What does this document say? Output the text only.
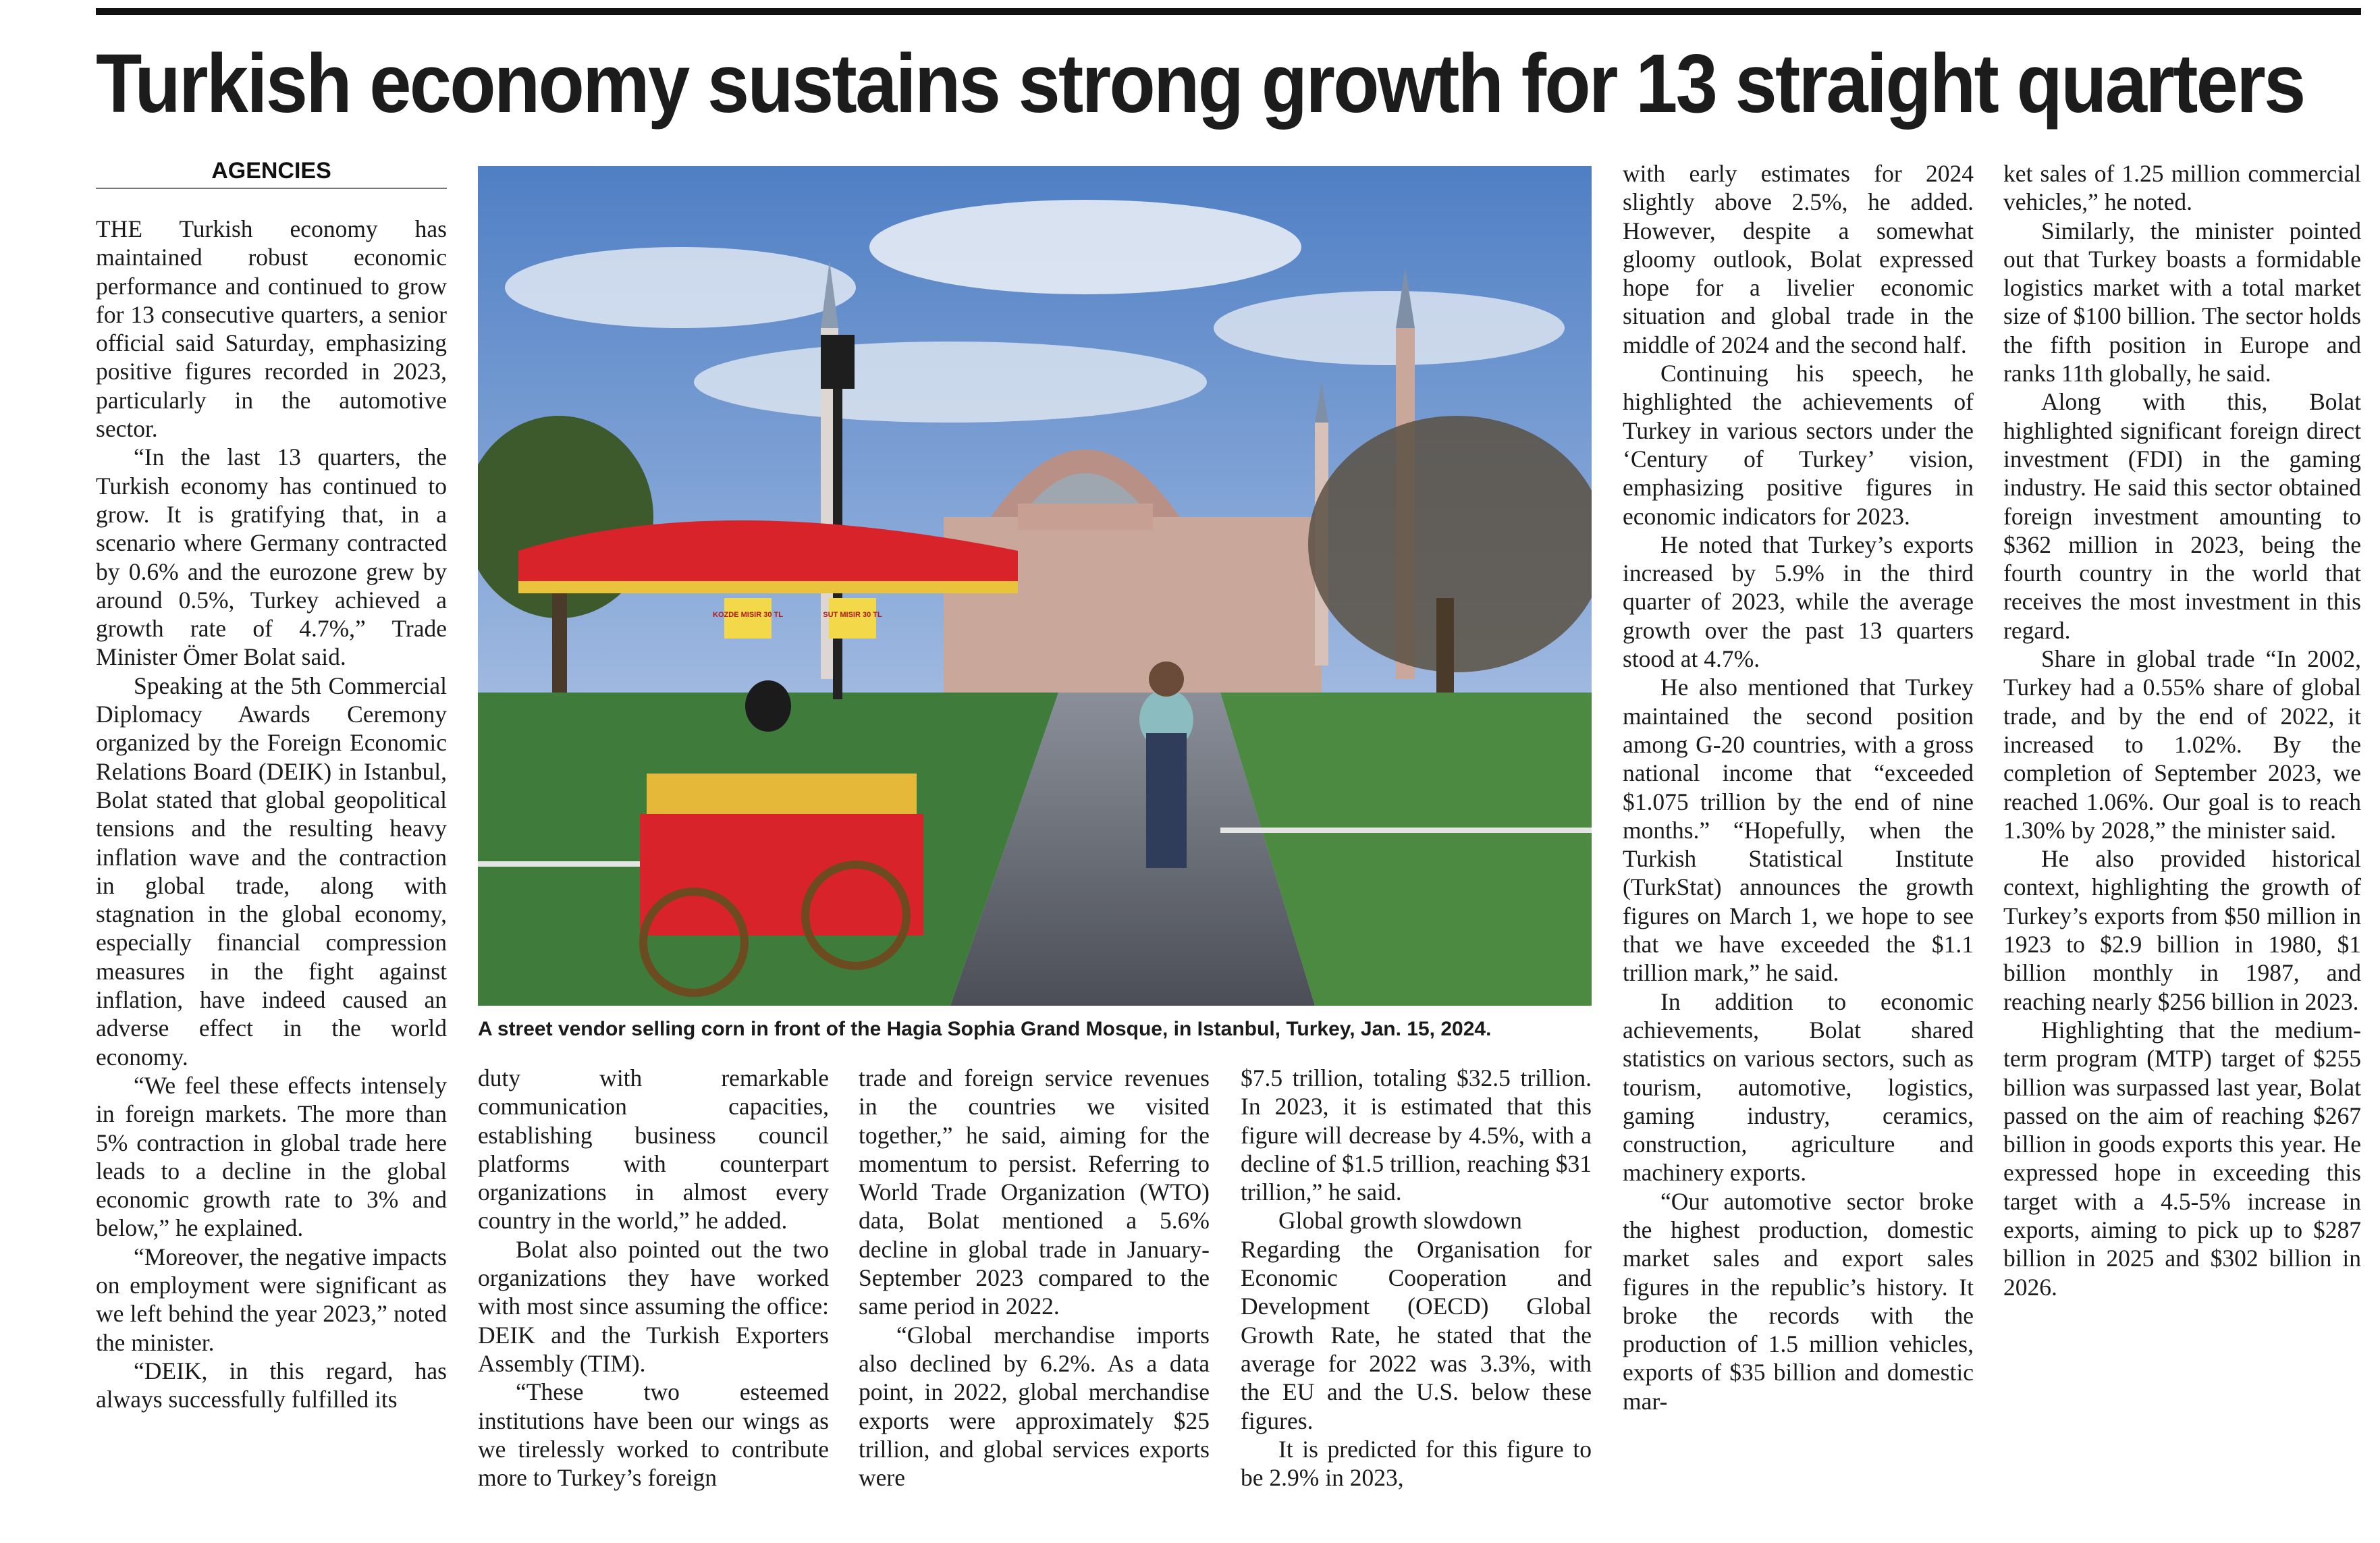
Turkish economy sustains strong growth for 13 straight quarters
AGENCIES

THE Turkish economy has maintained robust economic performance and continued to grow for 13 consecutive quarters, a senior official said Saturday, emphasizing positive figures recorded in 2023, particularly in the automotive sector.

“In the last 13 quarters, the Turkish economy has continued to grow. It is gratifying that, in a scenario where Germany contracted by 0.6% and the eurozone grew by around 0.5%, Turkey achieved a growth rate of 4.7%,” Trade Minister Ömer Bolat said.

Speaking at the 5th Commercial Diplomacy Awards Ceremony organized by the Foreign Economic Relations Board (DEIK) in Istanbul, Bolat stated that global geopolitical tensions and the resulting heavy inflation wave and the contraction in global trade, along with stagnation in the global economy, especially financial compression measures in the fight against inflation, have indeed caused an adverse effect in the world economy.

“We feel these effects intensely in foreign markets. The more than 5% contraction in global trade here leads to a decline in the global economic growth rate to 3% and below,” he explained.

“Moreover, the negative impacts on employment were significant as we left behind the year 2023,” noted the minister.

“DEIK, in this regard, has always successfully fulfilled its

KOZDE MISIR 30 TL	SUT MISIR 30 TL
A street vendor selling corn in front of the Hagia Sophia Grand Mosque, in Istanbul, Turkey, Jan. 15, 2024.

duty with remarkable communication capacities, establishing business council platforms with counterpart organizations in almost every country in the world,” he added.

Bolat also pointed out the two organizations they have worked with most since assuming the office: DEIK and the Turkish Exporters Assembly (TIM).

“These two esteemed institutions have been our wings as we tirelessly worked to contribute more to Turkey’s foreign

trade and foreign service revenues in the countries we visited together,” he said, aiming for the momentum to persist. Referring to World Trade Organization (WTO) data, Bolat mentioned a 5.6% decline in global trade in January-September 2023 compared to the same period in 2022.

“Global merchandise imports also declined by 6.2%. As a data point, in 2022, global merchandise exports were approximately $25 trillion, and global services exports were

$7.5 trillion, totaling $32.5 trillion. In 2023, it is estimated that this figure will decrease by 4.5%, with a decline of $1.5 trillion, reaching $31 trillion,” he said.

Global growth slowdown

Regarding the Organisation for Economic Cooperation and Development (OECD) Global Growth Rate, he stated that the average for 2022 was 3.3%, with the EU and the U.S. below these figures.

It is predicted for this figure to be 2.9% in 2023,

with early estimates for 2024 slightly above 2.5%, he added. However, despite a somewhat gloomy outlook, Bolat expressed hope for a livelier economic situation and global trade in the middle of 2024 and the second half.

Continuing his speech, he highlighted the achievements of Turkey in various sectors under the ‘Century of Turkey’ vision, emphasizing positive figures in economic indicators for 2023.

He noted that Turkey’s exports increased by 5.9% in the third quarter of 2023, while the average growth over the past 13 quarters stood at 4.7%.

He also mentioned that Turkey maintained the second position among G-20 countries, with a gross national income that “exceeded $1.075 trillion by the end of nine months.” “Hopefully, when the Turkish Statistical Institute (TurkStat) announces the growth figures on March 1, we hope to see that we have exceeded the $1.1 trillion mark,” he said.

In addition to economic achievements, Bolat shared statistics on various sectors, such as tourism, automotive, logistics, gaming industry, ceramics, construction, agriculture and machinery exports.

“Our automotive sector broke the highest production, domestic market sales and export sales figures in the republic’s history. It broke the records with the production of 1.5 million vehicles, exports of $35 billion and domestic mar-

ket sales of 1.25 million commercial vehicles,” he noted.

Similarly, the minister pointed out that Turkey boasts a formidable logistics market with a total market size of $100 billion. The sector holds the fifth position in Europe and ranks 11th globally, he said.

Along with this, Bolat highlighted significant foreign direct investment (FDI) in the gaming industry. He said this sector obtained foreign investment amounting to $362 million in 2023, being the fourth country in the world that receives the most investment in this regard.

Share in global trade “In 2002, Turkey had a 0.55% share of global trade, and by the end of 2022, it increased to 1.02%. By the completion of September 2023, we reached 1.06%. Our goal is to reach 1.30% by 2028,” the minister said.

He also provided historical context, highlighting the growth of Turkey’s exports from $50 million in 1923 to $2.9 billion in 1980, $1 billion monthly in 1987, and reaching nearly $256 billion in 2023.

Highlighting that the medium-term program (MTP) target of $255 billion was surpassed last year, Bolat passed on the aim of reaching $267 billion in goods exports this year. He expressed hope in exceeding this target with a 4.5-5% increase in exports, aiming to pick up to $287 billion in 2025 and $302 billion in 2026.
